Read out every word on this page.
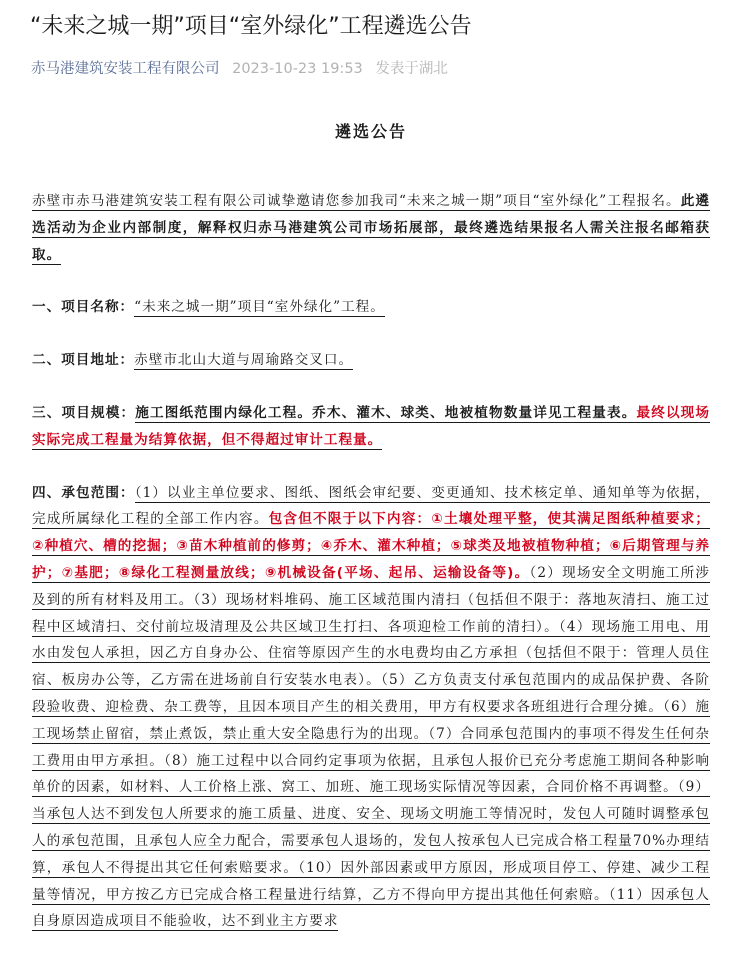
“未来之城一期”项目“室外绿化”工程遴选公告
赤马港建筑安装工程有限公司 2023-10-23 19:53 发表于湖北
遴选公告

赤壁市赤马港建筑安装工程有限公司诚挚邀请您参加我司“未来之城一期”项目“室外绿化”工程报名。此遴选活动为企业内部制度，解释权归赤马港建筑公司市场拓展部，最终遴选结果报名人需关注报名邮箱获取。

一、项目名称：“未来之城一期”项目“室外绿化”工程。

二、项目地址：赤壁市北山大道与周瑜路交叉口。

三、项目规模：施工图纸范围内绿化工程。乔木、灌木、球类、地被植物数量详见工程量表。最终以现场实际完成工程量为结算依据，但不得超过审计工程量。

四、承包范围：（1）以业主单位要求、图纸、图纸会审纪要、变更通知、技术核定单、通知单等为依据，完成所属绿化工程的全部工作内容。包含但不限于以下内容：①土壤处理平整，使其满足图纸种植要求；②种植穴、槽的挖掘；③苗木种植前的修剪；④乔木、灌木种植；⑤球类及地被植物种植；⑥后期管理与养护；⑦基肥；⑧绿化工程测量放线；⑨机械设备(平场、起吊、运输设备等)。（2）现场安全文明施工所涉及到的所有材料及用工。（3）现场材料堆码、施工区域范围内清扫（包括但不限于：落地灰清扫、施工过程中区域清扫、交付前垃圾清理及公共区域卫生打扫、各项迎检工作前的清扫）。（4）现场施工用电、用水由发包人承担，因乙方自身办公、住宿等原因产生的水电费均由乙方承担（包括但不限于：管理人员住宿、板房办公等，乙方需在进场前自行安装水电表）。（5）乙方负责支付承包范围内的成品保护费、各阶段验收费、迎检费、杂工费等，且因本项目产生的相关费用，甲方有权要求各班组进行合理分摊。（6）施工现场禁止留宿，禁止煮饭，禁止重大安全隐患行为的出现。（7）合同承包范围内的事项不得发生任何杂工费用由甲方承担。（8）施工过程中以合同约定事项为依据，且承包人报价已充分考虑施工期间各种影响单价的因素，如材料、人工价格上涨、窝工、加班、施工现场实际情况等因素，合同价格不再调整。（9）当承包人达不到发包人所要求的施工质量、进度、安全、现场文明施工等情况时，发包人可随时调整承包人的承包范围，且承包人应全力配合，需要承包人退场的，发包人按承包人已完成合格工程量70%办理结算，承包人不得提出其它任何索赔要求。（10）因外部因素或甲方原因，形成项目停工、停建、减少工程量等情况，甲方按乙方已完成合格工程量进行结算，乙方不得向甲方提出其他任何索赔。（11）因承包人自身原因造成项目不能验收，达不到业主方要求
